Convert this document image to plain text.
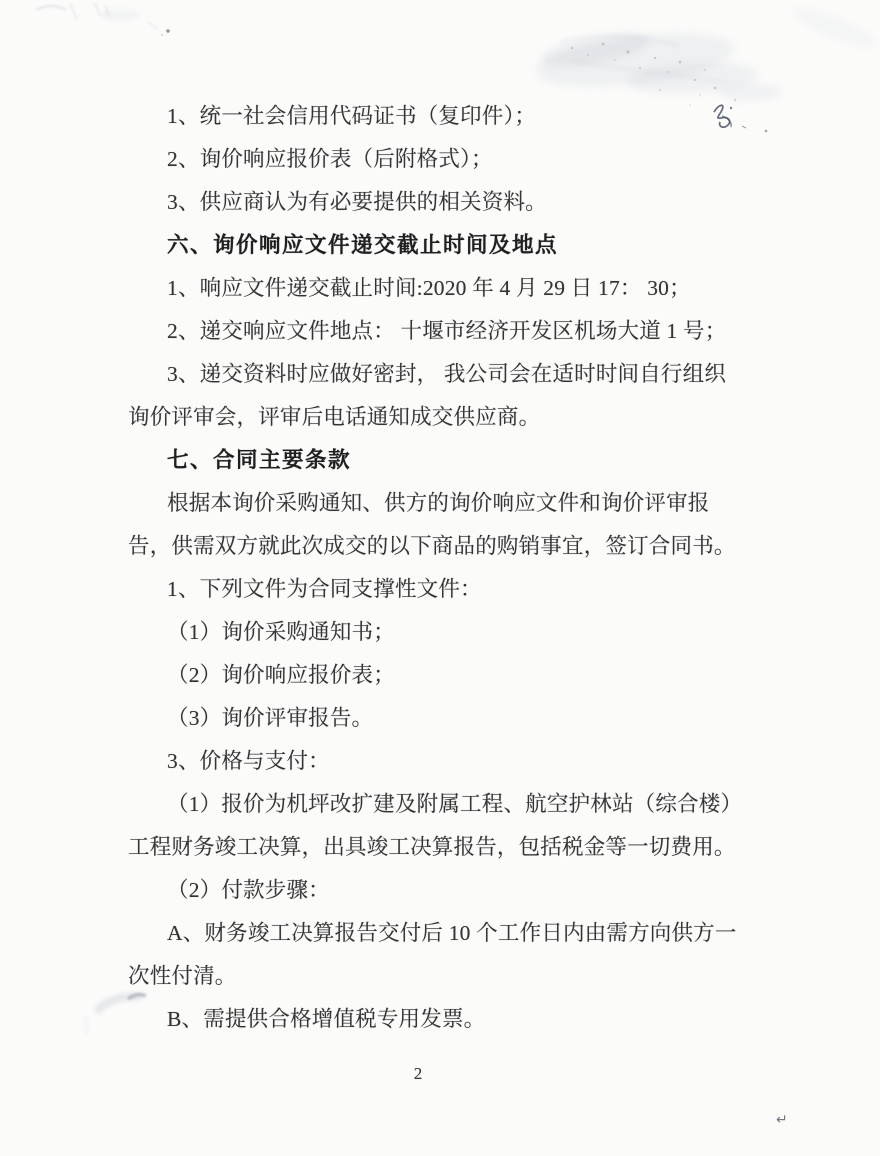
1、统一社会信用代码证书（复印件）；
2、询价响应报价表（后附格式）；
3、供应商认为有必要提供的相关资料。
六、询价响应文件递交截止时间及地点
1、响应文件递交截止时间:2020 年 4 月 29 日 17： 30；
2、递交响应文件地点： 十堰市经济开发区机场大道 1 号；
3、递交资料时应做好密封， 我公司会在适时时间自行组织
询价评审会，评审后电话通知成交供应商。
七、合同主要条款
根据本询价采购通知、供方的询价响应文件和询价评审报
告，供需双方就此次成交的以下商品的购销事宜，签订合同书。
1、下列文件为合同支撑性文件：
（1）询价采购通知书；
（2）询价响应报价表；
（3）询价评审报告。
3、价格与支付：
（1）报价为机坪改扩建及附属工程、航空护林站（综合楼）
工程财务竣工决算，出具竣工决算报告，包括税金等一切费用。
（2）付款步骤：
A、财务竣工决算报告交付后 10 个工作日内由需方向供方一
次性付清。
B、需提供合格增值税专用发票。
2
↵
